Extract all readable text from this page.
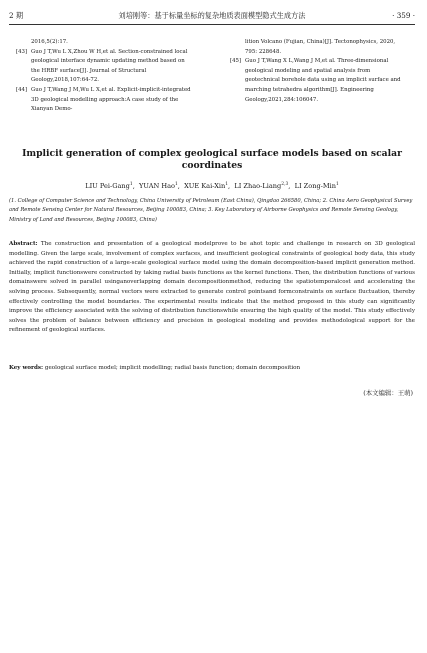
2 期	刘培刚等：基于标量坐标的复杂地质表面模型隐式生成方法	· 359 ·

2016,5(2):17.

[43] Guo J T,Wu L X,Zhou W H,et al. Section-constrained local geological interface dynamic updating method based on the HRBF surface[J]. Journal of Structural Geology,2018,107:64-72.

[44] Guo J T,Wang J M,Wu L X,et al. Explicit-implicit-integrated 3D geological modelling approach:A case study of the Xianyan Demo-

lition Volcano (Fujian, China)[J]. Tectonophysics, 2020, 795: 228648.

[45] Guo J T,Wang X L,Wang J M,et al. Three-dimensional geological modeling and spatial analysis from geotechnical borehole data using an implicit surface and marching tetrahedra algorithm[J]. Engineering Geology,2021,284:106047.

Implicit generation of complex geological surface models based on scalar coordinates
LIU Pei-Gang$^1$,  YUAN Hao$^1$,  XUE Kai-Xin$^1$,  LI Zhao-Liang$^{2,3}$,  LI Zong-Min$^1$
(1. College of Computer Science and Technology, China University of Petroleum (East China), Qingdao 266580, China; 2. China Aero Geophysical Survey and Remote Sensing Center for Natural Resources, Beijing 100083, China; 3. Key Laboratory of Airborne Geophysics and Remote Sensing Geology, Ministry of Land and Resources, Beijing 100083, China)
Abstract: The construction and presentation of a geological modelprove to be ahot topic and challenge in research on 3D geological modelling. Given the large scale, involvement of complex surfaces, and insufficient geological constraints of geological body data, this study achieved the rapid construction of a large-scale geological surface model using the domain decomposition-based implicit generation method. Initially, implicit functionswere constructed by taking radial basis functions as the kernel functions. Then, the distribution functions of various domainswere solved in parallel usinganoverlapping domain decompositionmethod, reducing the spatiotemporalcost and accelerating the solving process. Subsequently, normal vectors were extracted to generate control pointsand formconstraints on surface fluctuation, thereby effectively controlling the model boundaries. The experimental results indicate that the method proposed in this study can significantly improve the efficiency associated with the solving of distribution functionswhile ensuring the high quality of the model. This study effectively solves the problem of balance between efficiency and precision in geological modeling and provides methodological support for the refinement of geological surfaces.
Key words: geological surface model; implicit modelling; radial basis function; domain decomposition
(本文编辑：王萌)
